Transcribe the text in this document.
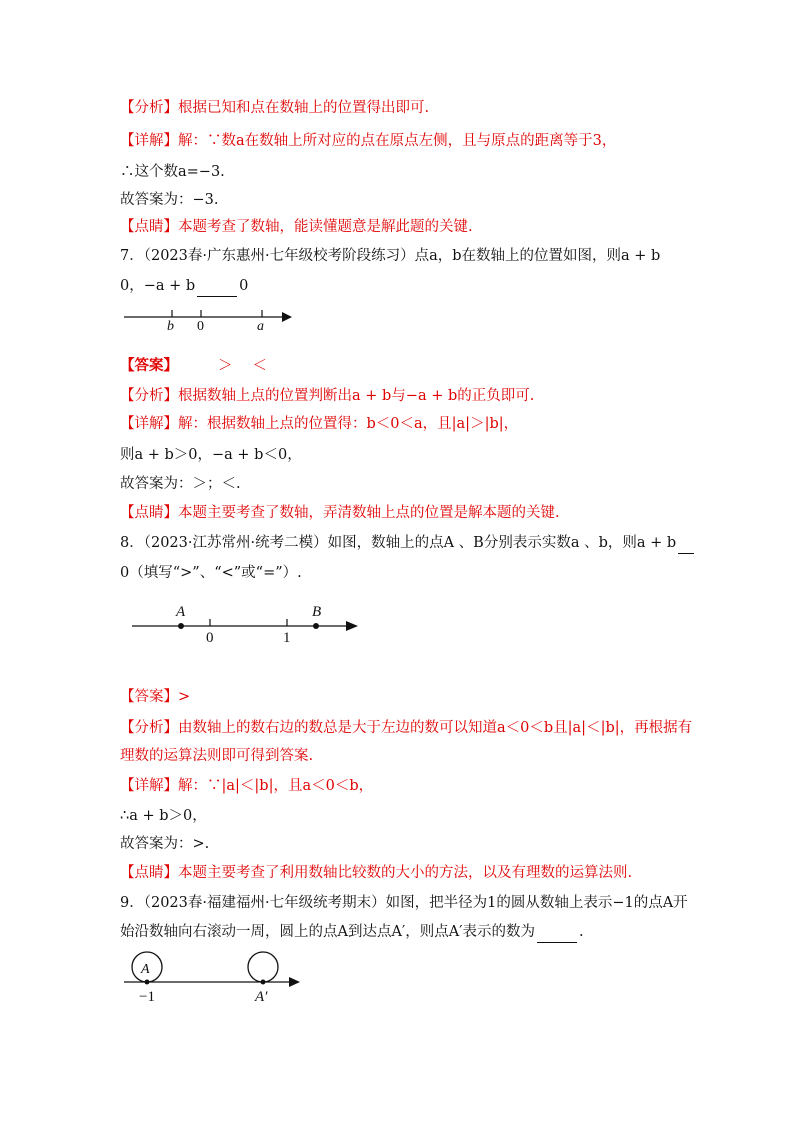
【分析】根据已知和点在数轴上的位置得出即可.
【详解】解：∵数a在数轴上所对应的点在原点左侧，且与原点的距离等于3，
∴这个数a=−3.
故答案为：−3.
【点睛】本题考查了数轴，能读懂题意是解此题的关键.
7．（2023春·广东惠州·七年级校考阶段练习）点a，b在数轴上的位置如图，则a + b
0，−a + b	0
b 0	a
【答案】	＞ ＜
【分析】根据数轴上点的位置判断出a + b与−a + b的正负即可.
【详解】解：根据数轴上点的位置得：b＜0＜a，且|a|＞|b|，
则a + b＞0，−a + b＜0，
故答案为：＞；＜.
【点睛】本题主要考查了数轴，弄清数轴上点的位置是解本题的关键.
8．（2023·江苏常州·统考二模）如图，数轴上的点A 、B分别表示实数a 、b，则a + b
0（填写“>”、“<”或“=”）.
A	B
0	1
【答案】>
【分析】由数轴上的数右边的数总是大于左边的数可以知道a＜0＜b且|a|＜|b|，再根据有
理数的运算法则即可得到答案.
【详解】解：∵|a|＜|b|，且a＜0＜b，
∴a + b＞0，
故答案为：>.
【点睛】本题主要考查了利用数轴比较数的大小的方法，以及有理数的运算法则.
9．（2023春·福建福州·七年级统考期末）如图，把半径为1的圆从数轴上表示−1的点A开
始沿数轴向右滚动一周，圆上的点A到达点A′，则点A′表示的数为	.
A
−1	A′
